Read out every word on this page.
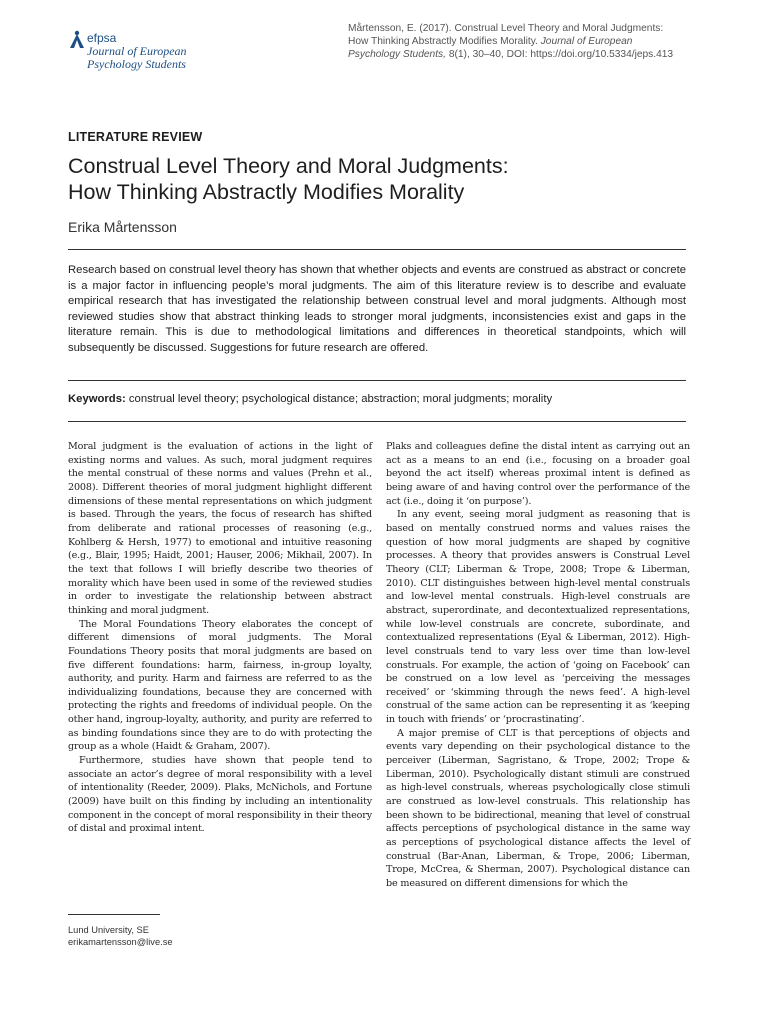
efpsa
Journal of European
Psychology Students
Mårtensson, E. (2017). Construal Level Theory and Moral Judgments:
How Thinking Abstractly Modifies Morality. Journal of European
Psychology Students, 8(1), 30–40, DOI: https://doi.org/10.5334/jeps.413
LITERATURE REVIEW
Construal Level Theory and Moral Judgments:
How Thinking Abstractly Modifies Morality
Erika Mårtensson

Research based on construal level theory has shown that whether objects and events are construed as abstract or concrete is a major factor in influencing people’s moral judgments. The aim of this literature review is to describe and evaluate empirical research that has investigated the relationship between construal level and moral judgments. Although most reviewed studies show that abstract thinking leads to stronger moral judgments, inconsistencies exist and gaps in the literature remain. This is due to methodological limitations and differences in theoretical standpoints, which will subsequently be discussed. Suggestions for future research are offered.

Keywords: construal level theory; psychological distance; abstraction; moral judgments; morality

Moral judgment is the evaluation of actions in the light of existing norms and values. As such, moral judgment requires the mental construal of these norms and values (Prehn et al., 2008). Different theories of moral judgment highlight different dimensions of these mental representations on which judgment is based. Through the years, the focus of research has shifted from deliberate and rational processes of reasoning (e.g., Kohlberg & Hersh, 1977) to emotional and intuitive reasoning (e.g., Blair, 1995; Haidt, 2001; Hauser, 2006; Mikhail, 2007). In the text that follows I will briefly describe two theories of morality which have been used in some of the reviewed studies in order to investigate the relationship between abstract thinking and moral judgment.

The Moral Foundations Theory elaborates the concept of different dimensions of moral judgments. The Moral Foundations Theory posits that moral judgments are based on five different foundations: harm, fairness, in-group loyalty, authority, and purity. Harm and fairness are referred to as the individualizing foundations, because they are concerned with protecting the rights and freedoms of individual people. On the other hand, ingroup-loyalty, authority, and purity are referred to as binding foundations since they are to do with protecting the group as a whole (Haidt & Graham, 2007).

Furthermore, studies have shown that people tend to associate an actor’s degree of moral responsibility with a level of intentionality (Reeder, 2009). Plaks, McNichols, and Fortune (2009) have built on this finding by including an intentionality component in the concept of moral responsibility in their theory of distal and proximal intent.

Plaks and colleagues define the distal intent as carrying out an act as a means to an end (i.e., focusing on a broader goal beyond the act itself) whereas proximal intent is defined as being aware of and having control over the performance of the act (i.e., doing it ‘on purpose’).

In any event, seeing moral judgment as reasoning that is based on mentally construed norms and values raises the question of how moral judgments are shaped by cognitive processes. A theory that provides answers is Construal Level Theory (CLT; Liberman & Trope, 2008; Trope & Liberman, 2010). CLT distinguishes between high-level mental construals and low-level mental construals. High-level construals are abstract, superordinate, and decontextualized representations, while low-level construals are concrete, subordinate, and contextualized representations (Eyal & Liberman, 2012). High-level construals tend to vary less over time than low-level construals. For example, the action of ‘going on Facebook’ can be construed on a low level as ‘perceiving the messages received’ or ‘skimming through the news feed’. A high-level construal of the same action can be representing it as ‘keeping in touch with friends’ or ‘procrastinating’.

A major premise of CLT is that perceptions of objects and events vary depending on their psychological distance to the perceiver (Liberman, Sagristano, & Trope, 2002; Trope & Liberman, 2010). Psychologically distant stimuli are construed as high-level construals, whereas psychologically close stimuli are construed as low-level construals. This relationship has been shown to be bidirectional, meaning that level of construal affects perceptions of psychological distance in the same way as perceptions of psychological distance affects the level of construal (Bar-Anan, Liberman, & Trope, 2006; Liberman, Trope, McCrea, & Sherman, 2007). Psychological distance can be measured on different dimensions for which the

Lund University, SE
erikamartensson@live.se
